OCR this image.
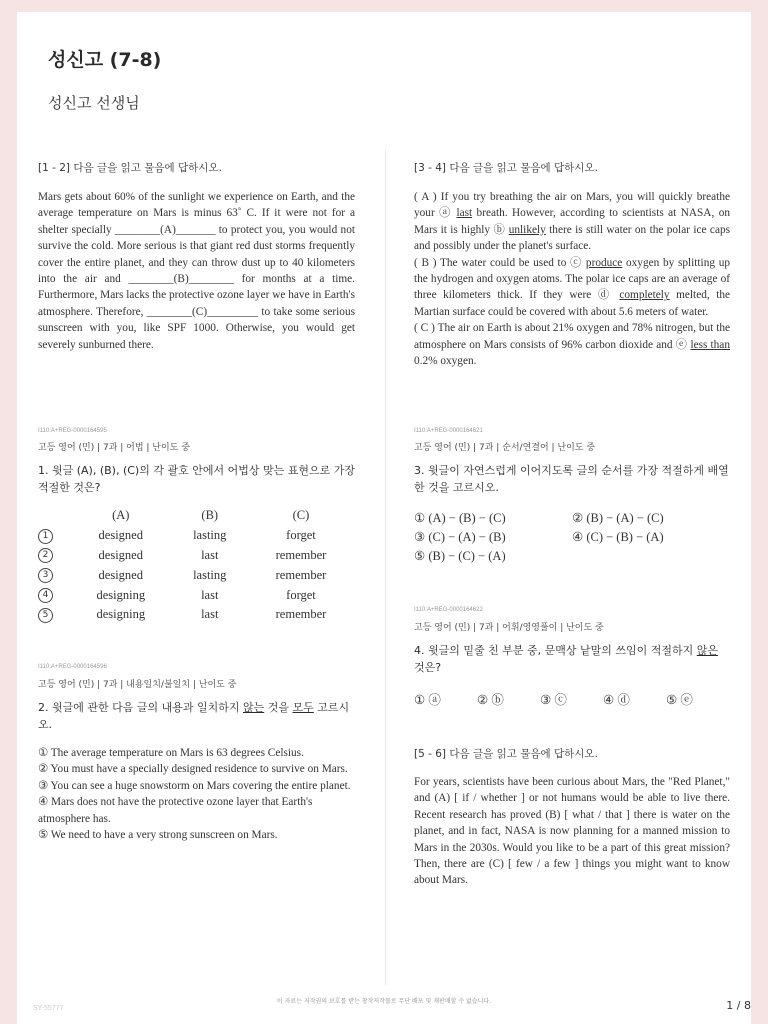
성신고 (7-8)
성신고 선생님
[1 - 2] 다음 글을 읽고 물음에 답하시오.

Mars gets about 60% of the sunlight we experience on Earth, and the average temperature on Mars is minus 63˚ C. If it were not for a shelter specially ________(A)_______ to protect you, you would not survive the cold. More serious is that giant red dust storms frequently cover the entire planet, and they can throw dust up to 40 kilometers into the air and ________(B)________ for months at a time. Furthermore, Mars lacks the protective ozone layer we have in Earth's atmosphere. Therefore, ________(C)_________ to take some serious sunscreen with you, like SPF 1000. Otherwise, you would get severely sunburned there.

I110:A+REG-0000164595
고등 영어 (민) | 7과 | 어법 | 난이도 중
1. 윗글 (A), (B), (C)의 각 괄호 안에서 어법상 맞는 표현으로 가장 적절한 것은?
	(A)	(B)	(C)
1	designed	lasting	forget
2	designed	last	remember
3	designed	lasting	remember
4	designing	last	forget
5	designing	last	remember
I110:A+REG-0000164596
고등 영어 (민) | 7과 | 내용일치/불일치 | 난이도 중
2. 윗글에 관한 다음 글의 내용과 일치하지 않는 것을 모두 고르시오.

① The average temperature on Mars is 63 degrees Celsius.

② You must have a specially designed residence to survive on Mars.

③ You can see a huge snowstorm on Mars covering the entire planet.

④ Mars does not have the protective ozone layer that Earth's atmosphere has.

⑤ We need to have a very strong sunscreen on Mars.

[3 - 4] 다음 글을 읽고 물음에 답하시오.

( A ) If you try breathing the air on Mars, you will quickly breathe your ⓐ last breath. However, according to scientists at NASA, on Mars it is highly ⓑ unlikely there is still water on the polar ice caps and possibly under the planet's surface.

( B ) The water could be used to ⓒ produce oxygen by splitting up the hydrogen and oxygen atoms. The polar ice caps are an average of three kilometers thick. If they were ⓓ completely melted, the Martian surface could be covered with about 5.6 meters of water.

( C ) The air on Earth is about 21% oxygen and 78% nitrogen, but the atmosphere on Mars consists of 96% carbon dioxide and ⓔ less than 0.2% oxygen.

I110:A+REG-0000164621
고등 영어 (민) | 7과 | 순서/연결어 | 난이도 중
3. 윗글이 자연스럽게 이어지도록 글의 순서를 가장 적절하게 배열한 것을 고르시오.
① (A) − (B) − (C)	② (B) − (A) − (C)
③ (C) − (A) − (B)	④ (C) − (B) − (A)
⑤ (B) − (C) − (A)
I110:A+REG-0000164622
고등 영어 (민) | 7과 | 어휘/영영풀이 | 난이도 중
4. 윗글의 밑줄 친 부분 중, 문맥상 낱말의 쓰임이 적절하지 않은 것은?
① ⓐ	② ⓑ	③ ⓒ	④ ⓓ	⑤ ⓔ
[5 - 6] 다음 글을 읽고 물음에 답하시오.

For years, scientists have been curious about Mars, the "Red Planet," and (A) [ if / whether ] or not humans would be able to live there. Recent research has proved (B) [ what / that ] there is water on the planet, and in fact, NASA is now planning for a manned mission to Mars in the 2030s. Would you like to be a part of this great mission? Then, there are (C) [ few / a few ] things you might want to know about Mars.

SY-55777
이 자료는 저작권의 보호를 받는 창작저작물로 무단 배포 및 재판매할 수 없습니다.	1 / 8
